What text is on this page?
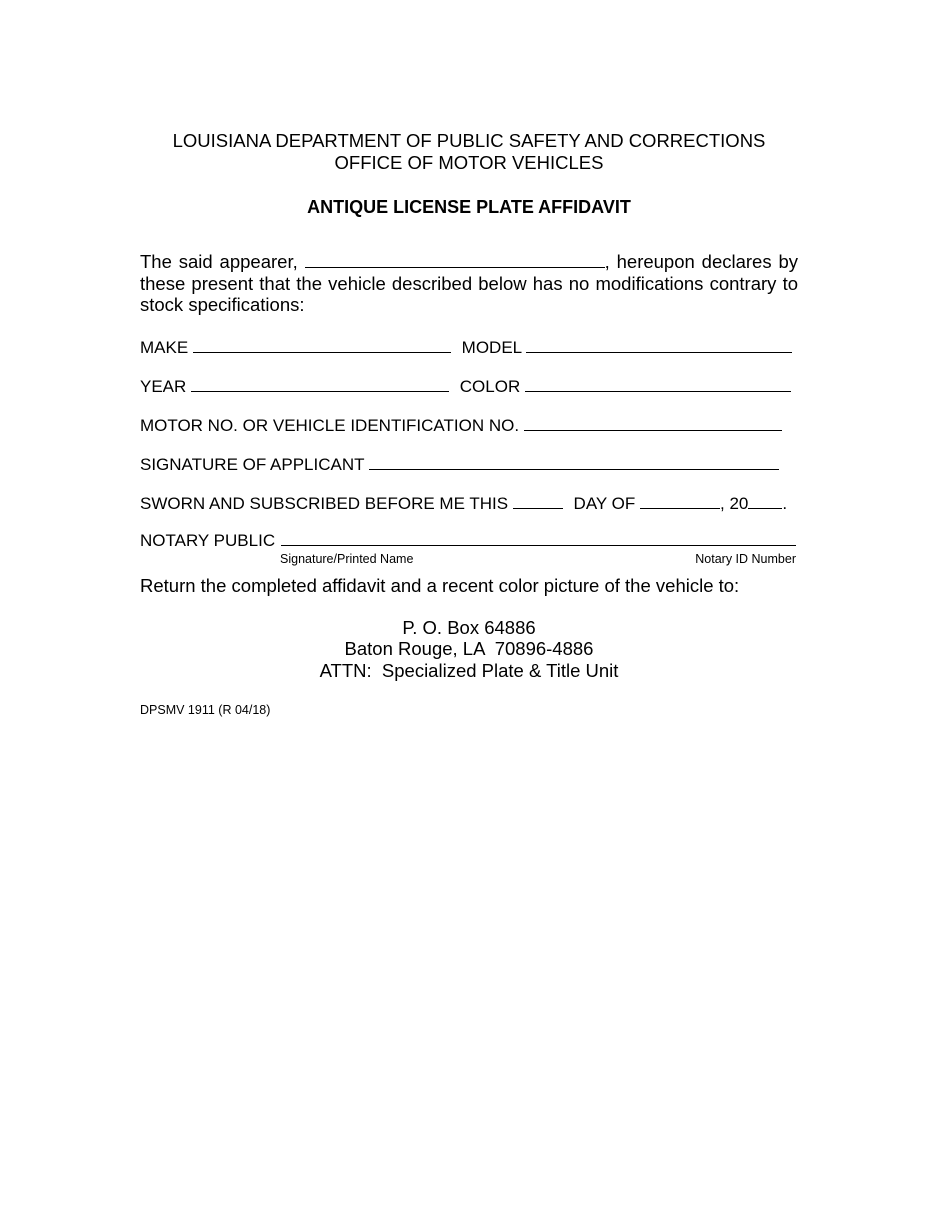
LOUISIANA DEPARTMENT OF PUBLIC SAFETY AND CORRECTIONS
OFFICE OF MOTOR VEHICLES
ANTIQUE LICENSE PLATE AFFIDAVIT
The said appearer,	, hereupon declares by these present that the vehicle described below has no modifications contrary to stock specifications:
MAKE	MODEL
YEAR	COLOR
MOTOR NO. OR VEHICLE IDENTIFICATION NO.
SIGNATURE OF APPLICANT
SWORN AND SUBSCRIBED BEFORE ME THIS	DAY OF	, 20 .
NOTARY PUBLIC
Signature/Printed Name	Notary ID Number
Return the completed affidavit and a recent color picture of the vehicle to:
P. O. Box 64886
Baton Rouge, LA  70896-4886
ATTN:  Specialized Plate & Title Unit
DPSMV 1911 (R 04/18)
